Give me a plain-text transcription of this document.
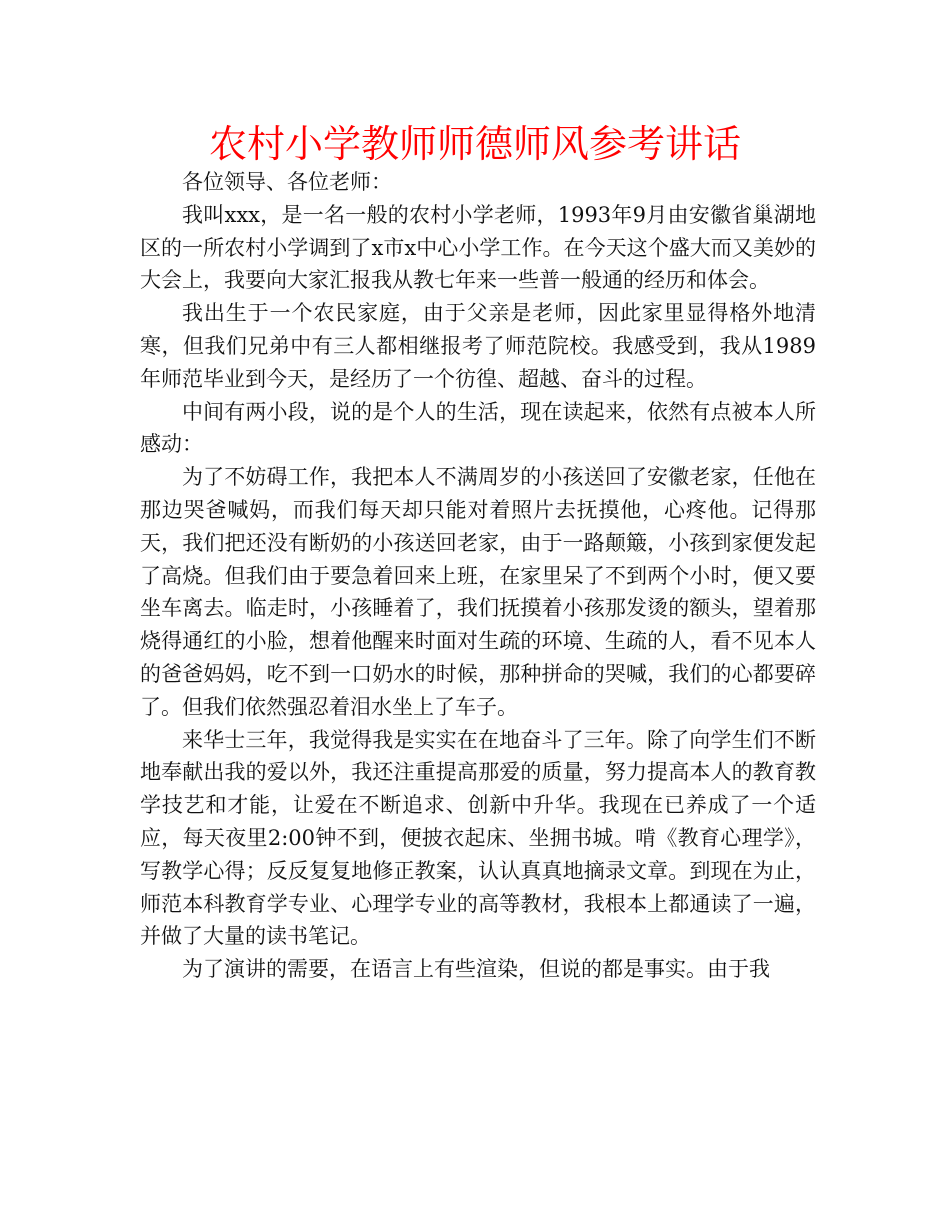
农村小学教师师德师风参考讲话

各位领导、各位老师：

我叫xxx，是一名一般的农村小学老师，1993年9月由安徽省巢湖地区的一所农村小学调到了x市x中心小学工作。在今天这个盛大而又美妙的大会上，我要向大家汇报我从教七年来一些普一般通的经历和体会。

我出生于一个农民家庭，由于父亲是老师，因此家里显得格外地清寒，但我们兄弟中有三人都相继报考了师范院校。我感受到，我从1989年师范毕业到今天，是经历了一个彷徨、超越、奋斗的过程。

中间有两小段，说的是个人的生活，现在读起来，依然有点被本人所感动：

为了不妨碍工作，我把本人不满周岁的小孩送回了安徽老家，任他在那边哭爸喊妈，而我们每天却只能对着照片去抚摸他，心疼他。记得那天，我们把还没有断奶的小孩送回老家，由于一路颠簸，小孩到家便发起了高烧。但我们由于要急着回来上班，在家里呆了不到两个小时，便又要坐车离去。临走时，小孩睡着了，我们抚摸着小孩那发烫的额头，望着那烧得通红的小脸，想着他醒来时面对生疏的环境、生疏的人，看不见本人的爸爸妈妈，吃不到一口奶水的时候，那种拼命的哭喊，我们的心都要碎了。但我们依然强忍着泪水坐上了车子。

来华士三年，我觉得我是实实在在地奋斗了三年。除了向学生们不断地奉献出我的爱以外，我还注重提高那爱的质量，努力提高本人的教育教学技艺和才能，让爱在不断追求、创新中升华。我现在已养成了一个适应，每天夜里2:00钟不到，便披衣起床、坐拥书城。啃《教育心理学》，写教学心得；反反复复地修正教案，认认真真地摘录文章。到现在为止，师范本科教育学专业、心理学专业的高等教材，我根本上都通读了一遍，并做了大量的读书笔记。

为了演讲的需要，在语言上有些渲染，但说的都是事实。由于我
